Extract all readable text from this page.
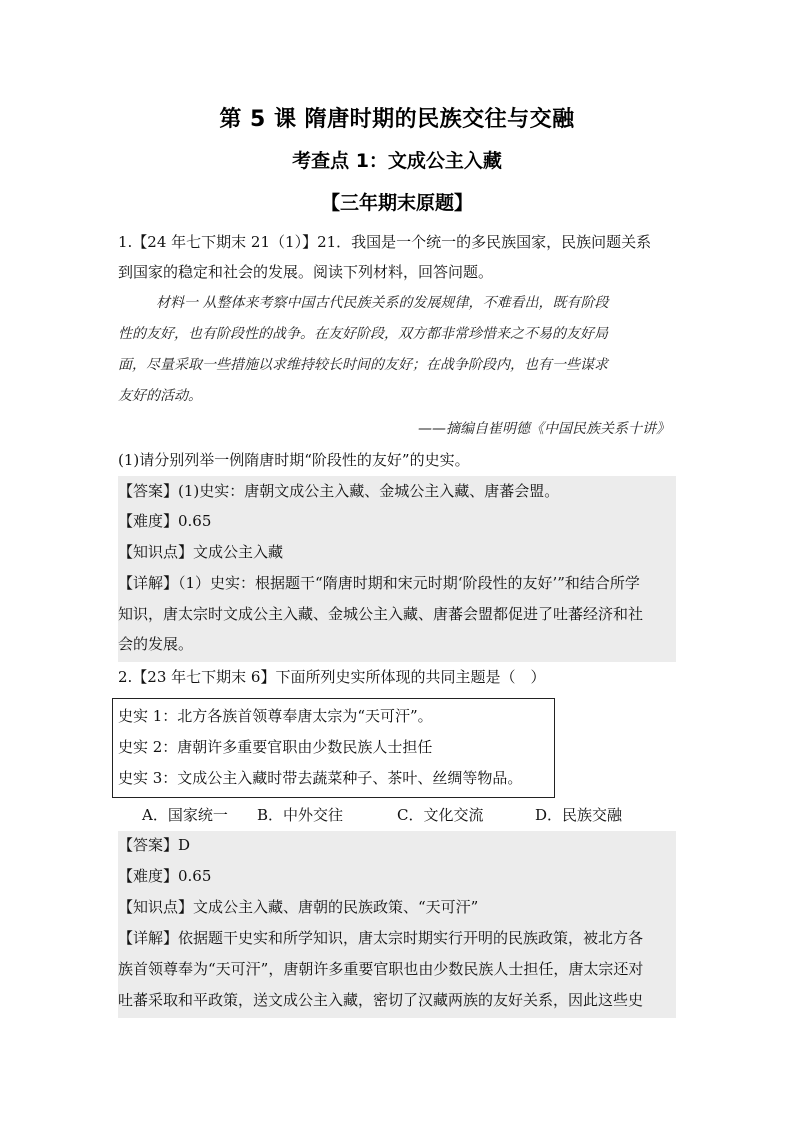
第 5 课 隋唐时期的民族交往与交融
考查点 1：文成公主入藏
【三年期末原题】
1.【24 年七下期末 21（1）】21．我国是一个统一的多民族国家，民族问题关系
到国家的稳定和社会的发展。阅读下列材料，回答问题。
材料一 从整体来考察中国古代民族关系的发展规律，不难看出，既有阶段
性的友好，也有阶段性的战争。在友好阶段，双方都非常珍惜来之不易的友好局
面，尽量采取一些措施以求维持较长时间的友好；在战争阶段内，也有一些谋求
友好的活动。
——摘编自崔明德《中国民族关系十讲》
(1)请分别列举一例隋唐时期“阶段性的友好”的史实。
【答案】(1)史实：唐朝文成公主入藏、金城公主入藏、唐蕃会盟。
【难度】0.65
【知识点】文成公主入藏
【详解】（1）史实：根据题干“隋唐时期和宋元时期‘阶段性的友好’”和结合所学
知识，唐太宗时文成公主入藏、金城公主入藏、唐蕃会盟都促进了吐蕃经济和社
会的发展。
2.【23 年七下期末 6】下面所列史实所体现的共同主题是（　）
史实 1：北方各族首领尊奉唐太宗为“天可汗”。
史实 2：唐朝许多重要官职由少数民族人士担任
史实 3：文成公主入藏时带去蔬菜种子、茶叶、丝绸等物品。
A．国家统一 B．中外交往	C．文化交流	D．民族交融
【答案】D
【难度】0.65
【知识点】文成公主入藏、唐朝的民族政策、“天可汗”
【详解】依据题干史实和所学知识，唐太宗时期实行开明的民族政策，被北方各
族首领尊奉为“天可汗”，唐朝许多重要官职也由少数民族人士担任，唐太宗还对
吐蕃采取和平政策，送文成公主入藏，密切了汉藏两族的友好关系，因此这些史
